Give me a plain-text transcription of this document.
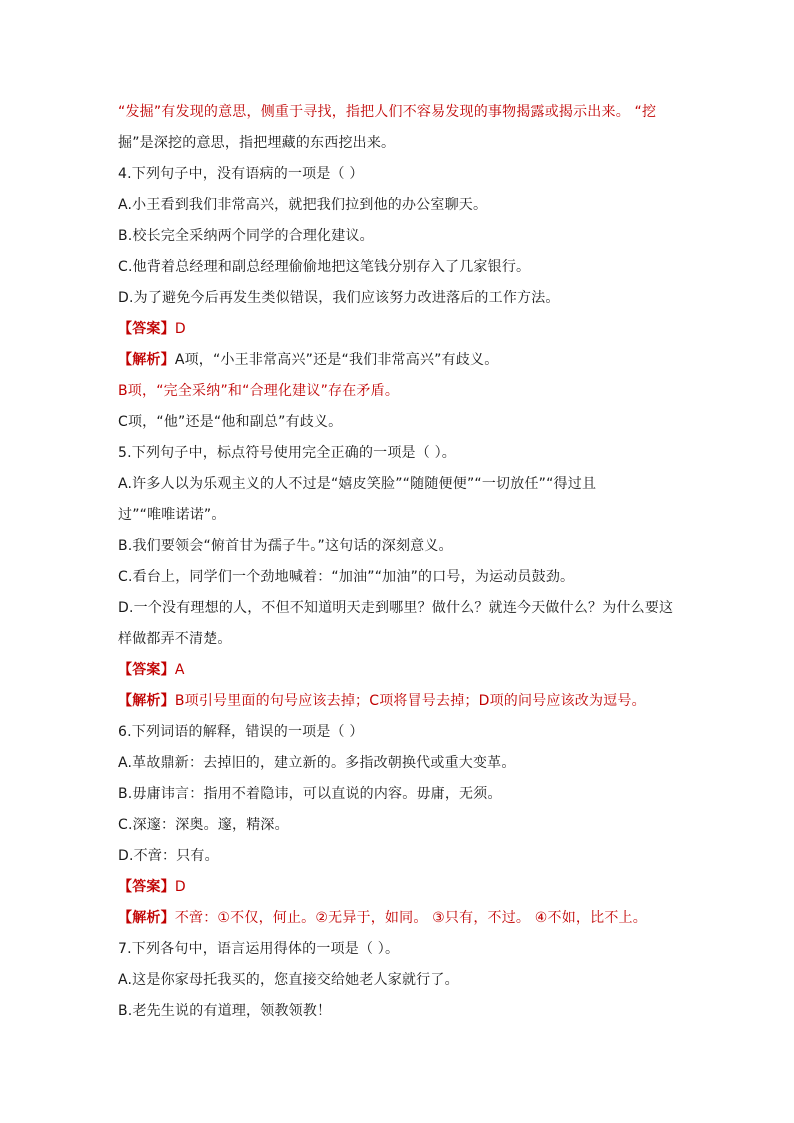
“发掘”有发现的意思，侧重于寻找，指把人们不容易发现的事物揭露或揭示出来。 “挖
掘”是深挖的意思，指把埋藏的东西挖出来。
4.下列句子中，没有语病的一项是（ ）
A.小王看到我们非常高兴，就把我们拉到他的办公室聊天。
B.校长完全采纳两个同学的合理化建议。
C.他背着总经理和副总经理偷偷地把这笔钱分别存入了几家银行。
D.为了避免今后再发生类似错误，我们应该努力改进落后的工作方法。
【答案】D
【解析】A项，“小王非常高兴”还是“我们非常高兴”有歧义。
B项，“完全采纳”和“合理化建议”存在矛盾。
C项，“他”还是“他和副总”有歧义。
5.下列句子中，标点符号使用完全正确的一项是（ ）。
A.许多人以为乐观主义的人不过是“嬉皮笑脸”“随随便便”“一切放任”“得过且
过”“唯唯诺诺”。
B.我们要领会“俯首甘为孺子牛。”这句话的深刻意义。
C.看台上，同学们一个劲地喊着：“加油”“加油”的口号，为运动员鼓劲。
D.一个没有理想的人，不但不知道明天走到哪里？做什么？就连今天做什么？为什么要这
样做都弄不清楚。
【答案】A
【解析】B项引号里面的句号应该去掉；C项将冒号去掉；D项的问号应该改为逗号。
6.下列词语的解释，错误的一项是（ ）
A.革故鼎新：去掉旧的，建立新的。多指改朝换代或重大变革。
B.毋庸讳言：指用不着隐讳，可以直说的内容。毋庸，无须。
C.深邃：深奥。邃，精深。
D.不啻：只有。
【答案】D
【解析】不啻：①不仅，何止。②无异于，如同。 ③只有，不过。 ④不如，比不上。
7.下列各句中，语言运用得体的一项是（ ）。
A.这是你家母托我买的，您直接交给她老人家就行了。
B.老先生说的有道理，领教领教！
